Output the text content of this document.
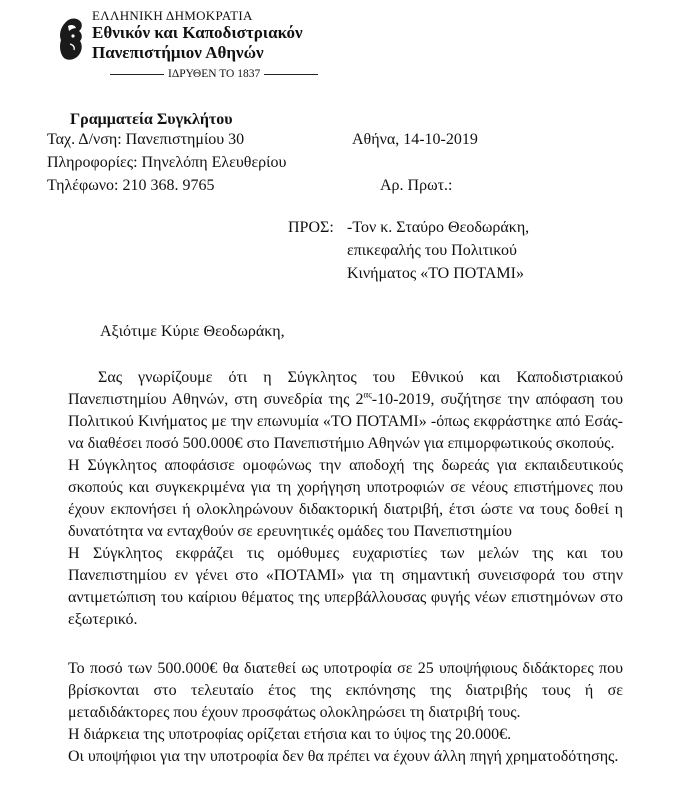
ΕΛΛΗΝΙΚΗ ΔΗΜΟΚΡΑΤΙΑ
Εθνικόν και Καποδιστριακόν
Πανεπιστήμιον Αθηνών
ΙΔΡΥΘΕΝ ΤΟ 1837
Γραμματεία Συγκλήτου
Ταχ. Δ/νση: Πανεπιστημίου 30
Πληροφορίες: Πηνελόπη Ελευθερίου
Τηλέφωνο: 210 368. 9765
Αθήνα, 14-10-2019
Αρ. Πρωτ.:
ΠΡΟΣ: -Τον κ. Σταύρο Θεοδωράκη,
επικεφαλής του Πολιτικού
Κινήματος «ΤΟ ΠΟΤΑΜΙ»
Αξιότιμε Κύριε Θεοδωράκη,

Σας γνωρίζουμε ότι η Σύγκλητος του Εθνικού και Καποδιστριακού Πανεπιστημίου Αθηνών, στη συνεδρία της $2^{\alpha\varsigma}-10-2019$, συζήτησε την απόφαση του Πολιτικού Κινήματος με την επωνυμία «ΤΟ ΠΟΤΑΜΙ» -όπως εκφράστηκε από Εσάς- να διαθέσει ποσό 500.000€ στο Πανεπιστήμιο Αθηνών για επιμορφωτικούς σκοπούς.

Η Σύγκλητος αποφάσισε ομοφώνως την αποδοχή της δωρεάς για εκπαιδευτικούς σκοπούς και συγκεκριμένα για τη χορήγηση υποτροφιών σε νέους επιστήμονες που έχουν εκπονήσει ή ολοκληρώνουν διδακτορική διατριβή, έτσι ώστε να τους δοθεί η δυνατότητα να ενταχθούν σε ερευνητικές ομάδες του Πανεπιστημίου

Η Σύγκλητος εκφράζει τις ομόθυμες ευχαριστίες των μελών της και του Πανεπιστημίου εν γένει στο «ΠΟΤΑΜΙ» για τη σημαντική συνεισφορά του στην αντιμετώπιση του καίριου θέματος της υπερβάλλουσας φυγής νέων επιστημόνων στο εξωτερικό.

Το ποσό των 500.000€ θα διατεθεί ως υποτροφία σε 25 υποψήφιους διδάκτορες που βρίσκονται στο τελευταίο έτος της εκπόνησης της διατριβής τους ή σε μεταδιδάκτορες που έχουν προσφάτως ολοκληρώσει τη διατριβή τους.

Η διάρκεια της υποτροφίας ορίζεται ετήσια και το ύψος της 20.000€.

Οι υποψήφιοι για την υποτροφία δεν θα πρέπει να έχουν άλλη πηγή χρηματοδότησης.
